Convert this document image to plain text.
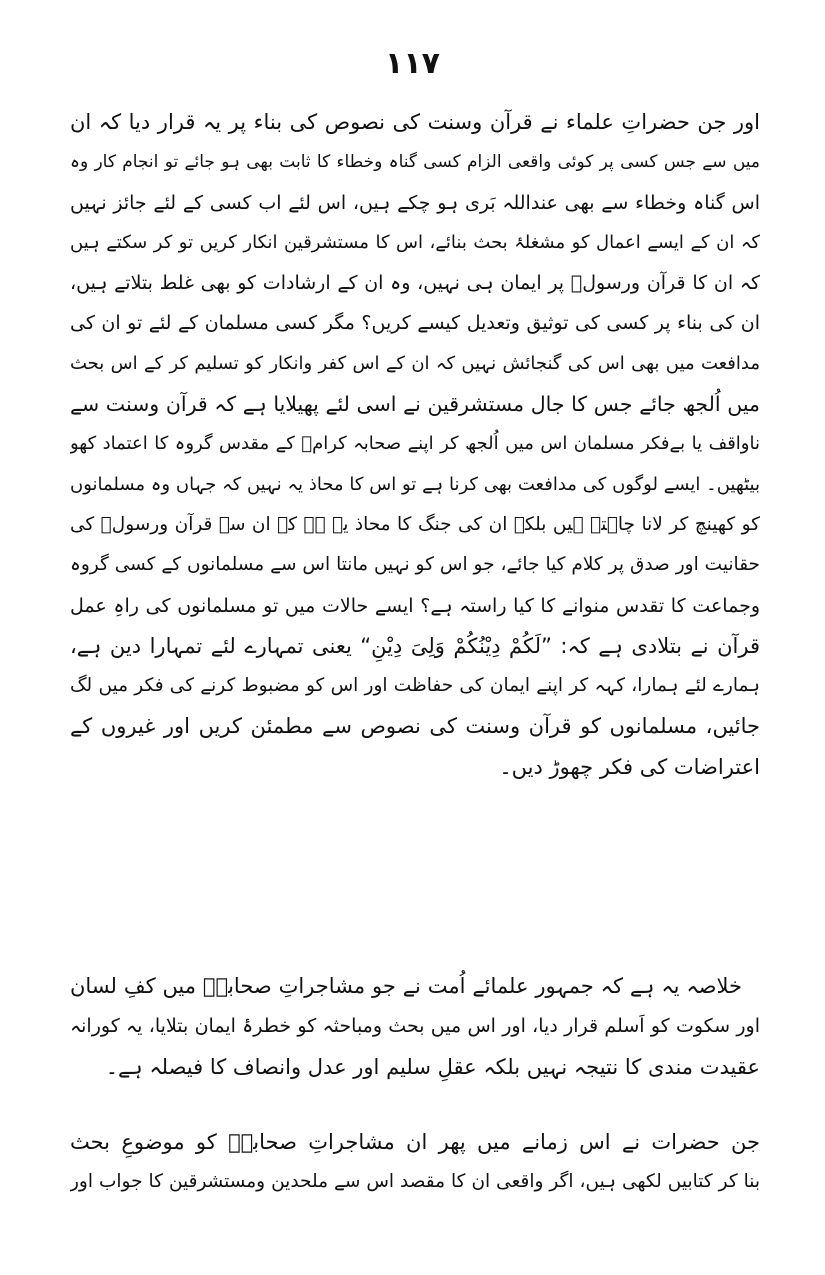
۱۱۷
اور جن حضراتِ علماء نے قرآن وسنت کی نصوص کی بناء پر یہ قرار دیا کہ ان
میں سے جس کسی پر کوئی واقعی الزام کسی گناہ وخطاء کا ثابت بھی ہو جائے تو انجام کار وہ
اس گناہ وخطاء سے بھی عنداللہ بَری ہو چکے ہیں، اس لئے اب کسی کے لئے جائز نہیں
کہ ان کے ایسے اعمال کو مشغلۂ بحث بنائے، اس کا مستشرقین انکار کریں تو کر سکتے ہیں
کہ ان کا قرآن ورسولؐ پر ایمان ہی نہیں، وہ ان کے ارشادات کو بھی غلط بتلاتے ہیں،
ان کی بناء پر کسی کی توثیق وتعدیل کیسے کریں؟ مگر کسی مسلمان کے لئے تو ان کی
مدافعت میں بھی اس کی گنجائش نہیں کہ ان کے اس کفر وانکار کو تسلیم کر کے اس بحث
میں اُلجھ جائے جس کا جال مستشرقین نے اسی لئے پھیلایا ہے کہ قرآن وسنت سے
ناواقف یا بےفکر مسلمان اس میں اُلجھ کر اپنے صحابہ کرامؓ کے مقدس گروہ کا اعتماد کھو
بیٹھیں۔ ایسے لوگوں کی مدافعت بھی کرنا ہے تو اس کا محاذ یہ نہیں کہ جہاں وہ مسلمانوں
کو کھینچ کر لانا چاہتے ہیں بلکہ ان کی جنگ کا محاذ یہ ہے کہ ان سے قرآن ورسولؐ کی
حقانیت اور صدق پر کلام کیا جائے، جو اس کو نہیں مانتا اس سے مسلمانوں کے کسی گروہ
وجماعت کا تقدس منوانے کا کیا راستہ ہے؟ ایسے حالات میں تو مسلمانوں کی راہِ عمل
قرآن نے بتلادی ہے کہ: ”لَکُمْ دِیْنُکُمْ وَلِیَ دِیْنِ“ یعنی تمہارے لئے تمہارا دین ہے،
ہمارے لئے ہمارا، کہہ کر اپنے ایمان کی حفاظت اور اس کو مضبوط کرنے کی فکر میں لگ
جائیں، مسلمانوں کو قرآن وسنت کی نصوص سے مطمئن کریں اور غیروں کے
اعتراضات کی فکر چھوڑ دیں۔
خلاصہ یہ ہے کہ جمہور علمائے اُمت نے جو مشاجراتِ صحابہؓ میں کفِ لسان
اور سکوت کو اَسلم قرار دیا، اور اس میں بحث ومباحثہ کو خطرۂ ایمان بتلایا، یہ کورانہ
عقیدت مندی کا نتیجہ نہیں بلکہ عقلِ سلیم اور عدل وانصاف کا فیصلہ ہے۔
جن حضرات نے اس زمانے میں پھر ان مشاجراتِ صحابہؓ کو موضوعِ بحث
بنا کر کتابیں لکھی ہیں، اگر واقعی ان کا مقصد اس سے ملحدین ومستشرقین کا جواب اور
